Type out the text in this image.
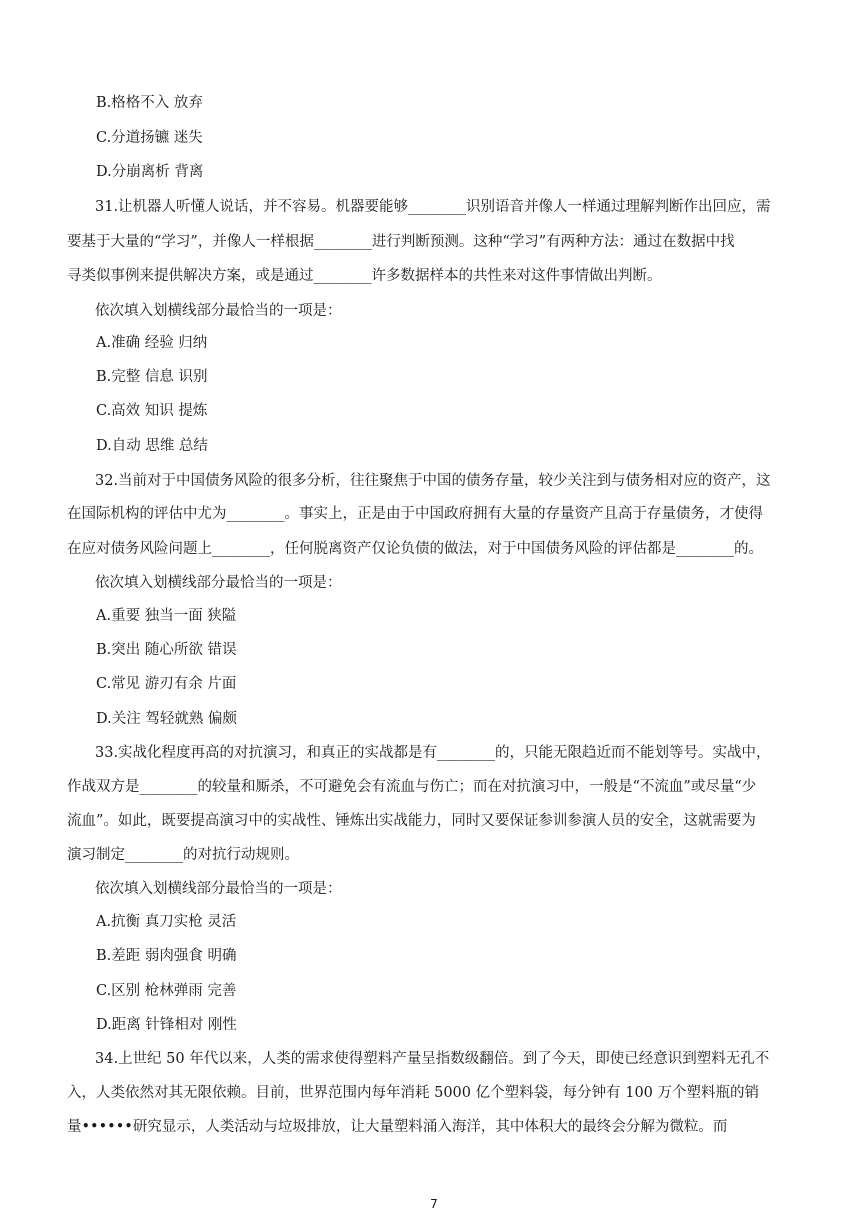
B.格格不入 放弃
C.分道扬镳 迷失
D.分崩离析 背离
31.让机器人听懂人说话，并不容易。机器要能够________识别语音并像人一样通过理解判断作出回应，需
要基于大量的“学习”，并像人一样根据________进行判断预测。这种“学习”有两种方法：通过在数据中找
寻类似事例来提供解决方案，或是通过________许多数据样本的共性来对这件事情做出判断。
依次填入划横线部分最恰当的一项是：
A.准确 经验 归纳
B.完整 信息 识别
C.高效 知识 提炼
D.自动 思维 总结
32.当前对于中国债务风险的很多分析，往往聚焦于中国的债务存量，较少关注到与债务相对应的资产，这
在国际机构的评估中尤为________。事实上，正是由于中国政府拥有大量的存量资产且高于存量债务，才使得
在应对债务风险问题上________，任何脱离资产仅论负债的做法，对于中国债务风险的评估都是________的。
依次填入划横线部分最恰当的一项是：
A.重要 独当一面 狭隘
B.突出 随心所欲 错误
C.常见 游刃有余 片面
D.关注 驾轻就熟 偏颇
33.实战化程度再高的对抗演习，和真正的实战都是有________的，只能无限趋近而不能划等号。实战中，
作战双方是________的较量和厮杀，不可避免会有流血与伤亡；而在对抗演习中，一般是“不流血”或尽量“少
流血”。如此，既要提高演习中的实战性、锤炼出实战能力，同时又要保证参训参演人员的安全，这就需要为
演习制定________的对抗行动规则。
依次填入划横线部分最恰当的一项是：
A.抗衡 真刀实枪 灵活
B.差距 弱肉强食 明确
C.区别 枪林弹雨 完善
D.距离 针锋相对 刚性
34.上世纪 50 年代以来，人类的需求使得塑料产量呈指数级翻倍。到了今天，即使已经意识到塑料无孔不
入，人类依然对其无限依赖。目前，世界范围内每年消耗 5000 亿个塑料袋，每分钟有 100 万个塑料瓶的销
量••••••研究显示，人类活动与垃圾排放，让大量塑料涌入海洋，其中体积大的最终会分解为微粒。而
7
